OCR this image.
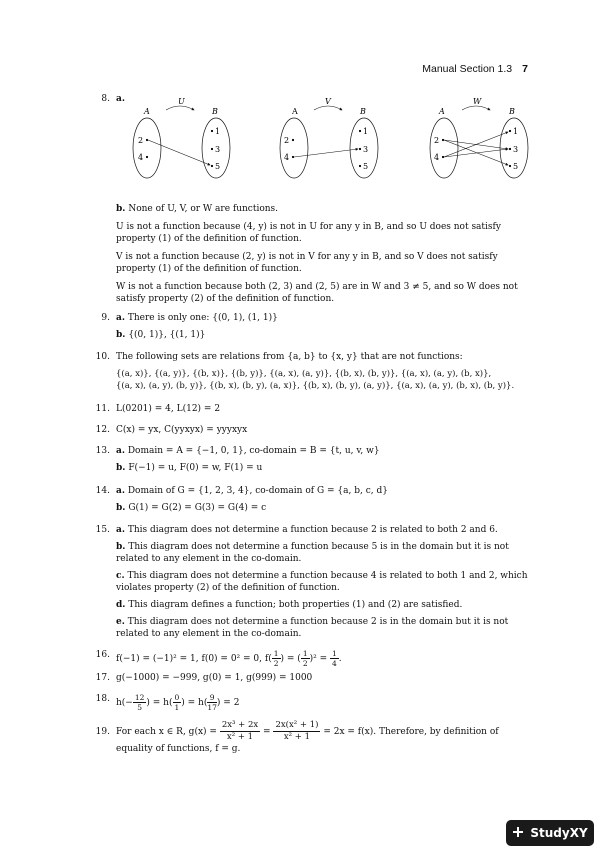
Manual Section 1.3 7
8. a.
A	B
U
2
4
1
3
5
A	B
V
2
4
1
3
5
A	B
W
2
4
1
3
5

b. None of U, V, or W are functions.

U is not a function because (4, y) is not in U for any y in B, and so U does not satisfy property (1) of the definition of function.

V is not a function because (2, y) is not in V for any y in B, and so V does not satisfy property (1) of the definition of function.

W is not a function because both (2, 3) and (2, 5) are in W and 3 ≠ 5, and so W does not satisfy property (2) of the definition of function.

9. a. There is only one: {(0, 1), (1, 1)}

b. {(0, 1)}, {(1, 1)}

10. The following sets are relations from {a, b} to {x, y} that are not functions:

{(a, x)}, {(a, y)}, {(b, x)}, {(b, y)}, {(a, x), (a, y)}, {(b, x), (b, y)}, {(a, x), (a, y), (b, x)},

{(a, x), (a, y), (b, y)}, {(b, x), (b, y), (a, x)}, {(b, x), (b, y), (a, y)}, {(a, x), (a, y), (b, x), (b, y)}.

11. L(0201) = 4, L(12) = 2
12. C(x) = yx, C(yyxyx) = yyyxyx
13. a. Domain = A = {−1, 0, 1}, co-domain = B = {t, u, v, w}

b. F(−1) = u, F(0) = w, F(1) = u

14. a. Domain of G = {1, 2, 3, 4}, co-domain of G = {a, b, c, d}

b. G(1) = G(2) = G(3) = G(4) = c

15. a. This diagram does not determine a function because 2 is related to both 2 and 6.

b. This diagram does not determine a function because 5 is in the domain but it is not related to any element in the co-domain.

c. This diagram does not determine a function because 4 is related to both 1 and 2, which violates property (2) of the definition of function.

d. This diagram defines a function; both properties (1) and (2) are satisfied.

e. This diagram does not determine a function because 2 is in the domain but it is not related to any element in the co-domain.

16. f(−1) = (−1)² = 1, f(0) = 0² = 0, $f( \frac{1}{2}$ ) = ( $\frac{1}{2} )^2 = \frac{1}{4}$ .
17. g(−1000) = −999, g(0) = 1, g(999) = 1000
18. $h(- \frac{12}{5}$ ) = $h( \frac{0}{1}$ ) = $h( \frac{9}{17}$ ) = 2
19. For each x ∈ R, $g(x) = \frac{\text{2x³ + 2x}}{\text{x² + 1}} = \frac{\text{2x(x² + 1)}}{\text{x² + 1}} = 2x = f(x)$. Therefore, by definition of

equality of functions, f = g.

StudyXY
